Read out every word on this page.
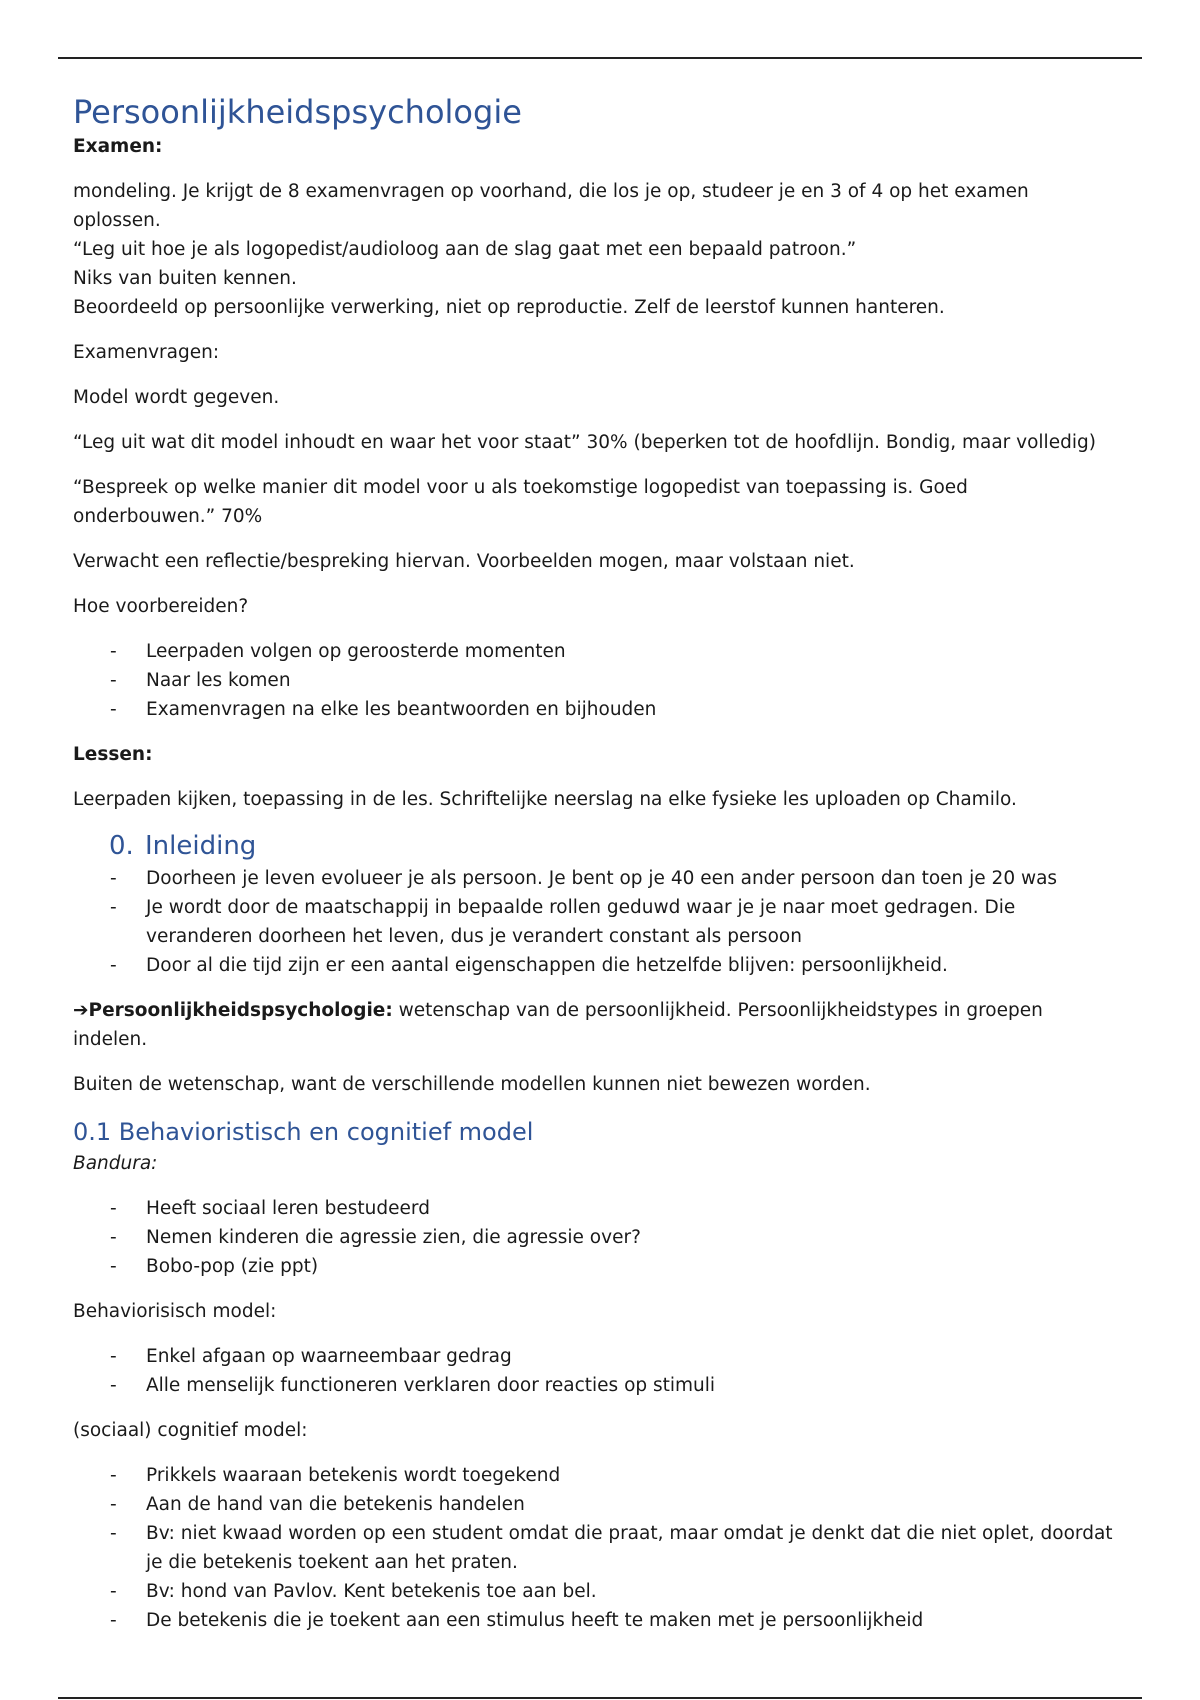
Persoonlijkheidspsychologie

Examen:

mondeling. Je krijgt de 8 examenvragen op voorhand, die los je op, studeer je en 3 of 4 op het examen oplossen.

“Leg uit hoe je als logopedist/audioloog aan de slag gaat met een bepaald patroon.”

Niks van buiten kennen.

Beoordeeld op persoonlijke verwerking, niet op reproductie. Zelf de leerstof kunnen hanteren.

Examenvragen:

Model wordt gegeven.

“Leg uit wat dit model inhoudt en waar het voor staat” 30% (beperken tot de hoofdlijn. Bondig, maar volledig)

“Bespreek op welke manier dit model voor u als toekomstige logopedist van toepassing is. Goed onderbouwen.” 70%

Verwacht een reflectie/bespreking hiervan. Voorbeelden mogen, maar volstaan niet.

Hoe voorbereiden?

- Leerpaden volgen op geroosterde momenten
- Naar les komen
- Examenvragen na elke les beantwoorden en bijhouden

Lessen:

Leerpaden kijken, toepassing in de les. Schriftelijke neerslag na elke fysieke les uploaden op Chamilo.

0. Inleiding
- Doorheen je leven evolueer je als persoon. Je bent op je 40 een ander persoon dan toen je 20 was
- Je wordt door de maatschappij in bepaalde rollen geduwd waar je je naar moet gedragen. Die veranderen doorheen het leven, dus je verandert constant als persoon
- Door al die tijd zijn er een aantal eigenschappen die hetzelfde blijven: persoonlijkheid.

➔Persoonlijkheidspsychologie: wetenschap van de persoonlijkheid. Persoonlijkheidstypes in groepen indelen.

Buiten de wetenschap, want de verschillende modellen kunnen niet bewezen worden.

0.1 Behavioristisch en cognitief model

Bandura:

- Heeft sociaal leren bestudeerd
- Nemen kinderen die agressie zien, die agressie over?
- Bobo-pop (zie ppt)

Behaviorisisch model:

- Enkel afgaan op waarneembaar gedrag
- Alle menselijk functioneren verklaren door reacties op stimuli

(sociaal) cognitief model:

- Prikkels waaraan betekenis wordt toegekend
- Aan de hand van die betekenis handelen
- Bv: niet kwaad worden op een student omdat die praat, maar omdat je denkt dat die niet oplet, doordat je die betekenis toekent aan het praten.
- Bv: hond van Pavlov. Kent betekenis toe aan bel.
- De betekenis die je toekent aan een stimulus heeft te maken met je persoonlijkheid
